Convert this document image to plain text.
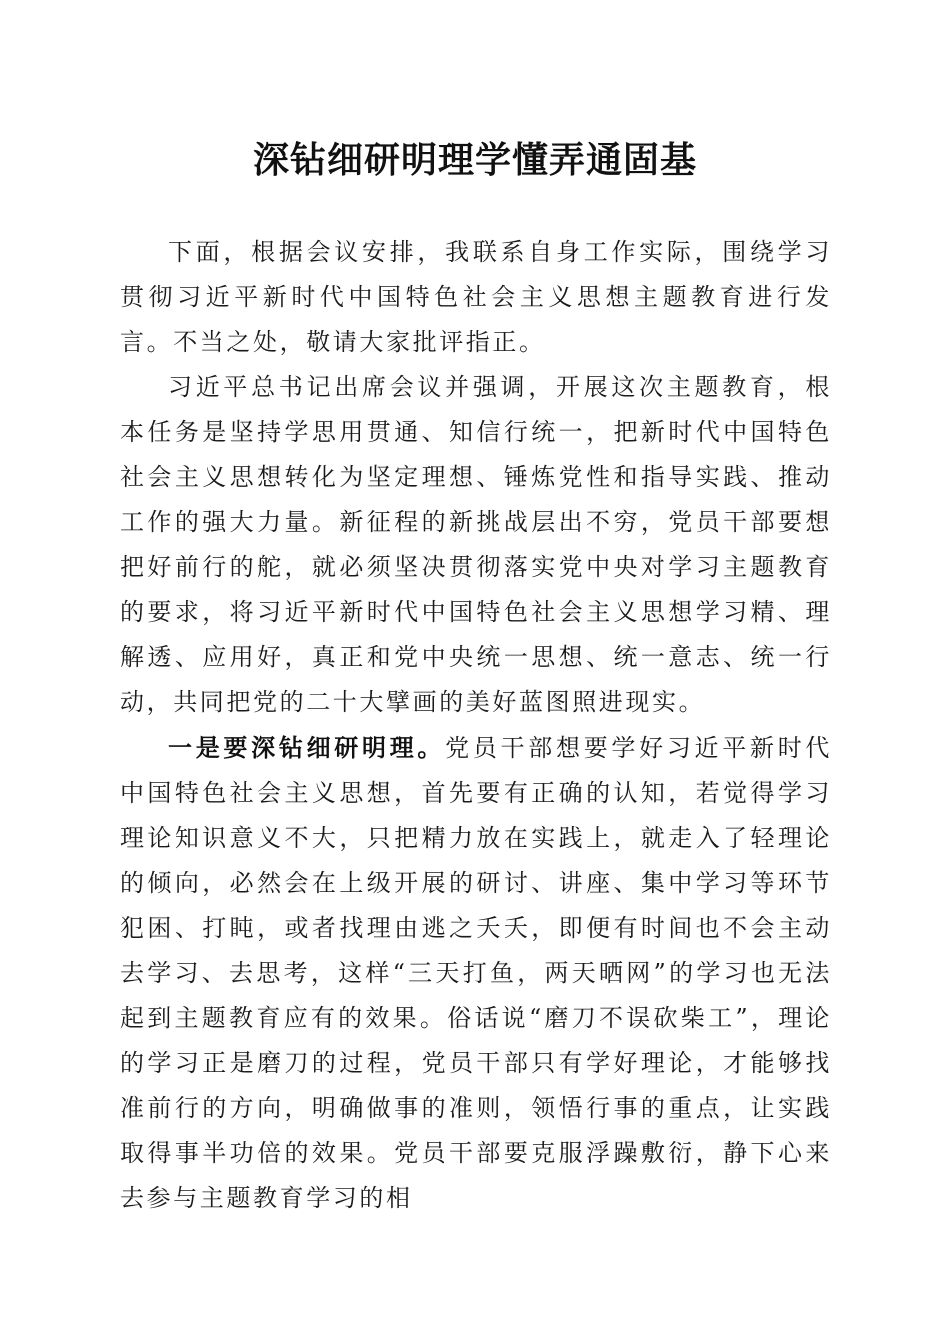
深钻细研明理学懂弄通固基

下面，根据会议安排，我联系自身工作实际，围绕学习贯彻习近平新时代中国特色社会主义思想主题教育进行发言。不当之处，敬请大家批评指正。

习近平总书记出席会议并强调，开展这次主题教育，根本任务是坚持学思用贯通、知信行统一，把新时代中国特色社会主义思想转化为坚定理想、锤炼党性和指导实践、推动工作的强大力量。新征程的新挑战层出不穷，党员干部要想把好前行的舵，就必须坚决贯彻落实党中央对学习主题教育的要求，将习近平新时代中国特色社会主义思想学习精、理解透、应用好，真正和党中央统一思想、统一意志、统一行动，共同把党的二十大擘画的美好蓝图照进现实。

一是要深钻细研明理。党员干部想要学好习近平新时代中国特色社会主义思想，首先要有正确的认知，若觉得学习理论知识意义不大，只把精力放在实践上，就走入了轻理论的倾向，必然会在上级开展的研讨、讲座、集中学习等环节犯困、打盹，或者找理由逃之夭夭，即便有时间也不会主动去学习、去思考，这样“三天打鱼，两天晒网”的学习也无法起到主题教育应有的效果。俗话说“磨刀不误砍柴工”，理论的学习正是磨刀的过程，党员干部只有学好理论，才能够找准前行的方向，明确做事的准则，领悟行事的重点，让实践取得事半功倍的效果。党员干部要克服浮躁敷衍，静下心来去参与主题教育学习的相
